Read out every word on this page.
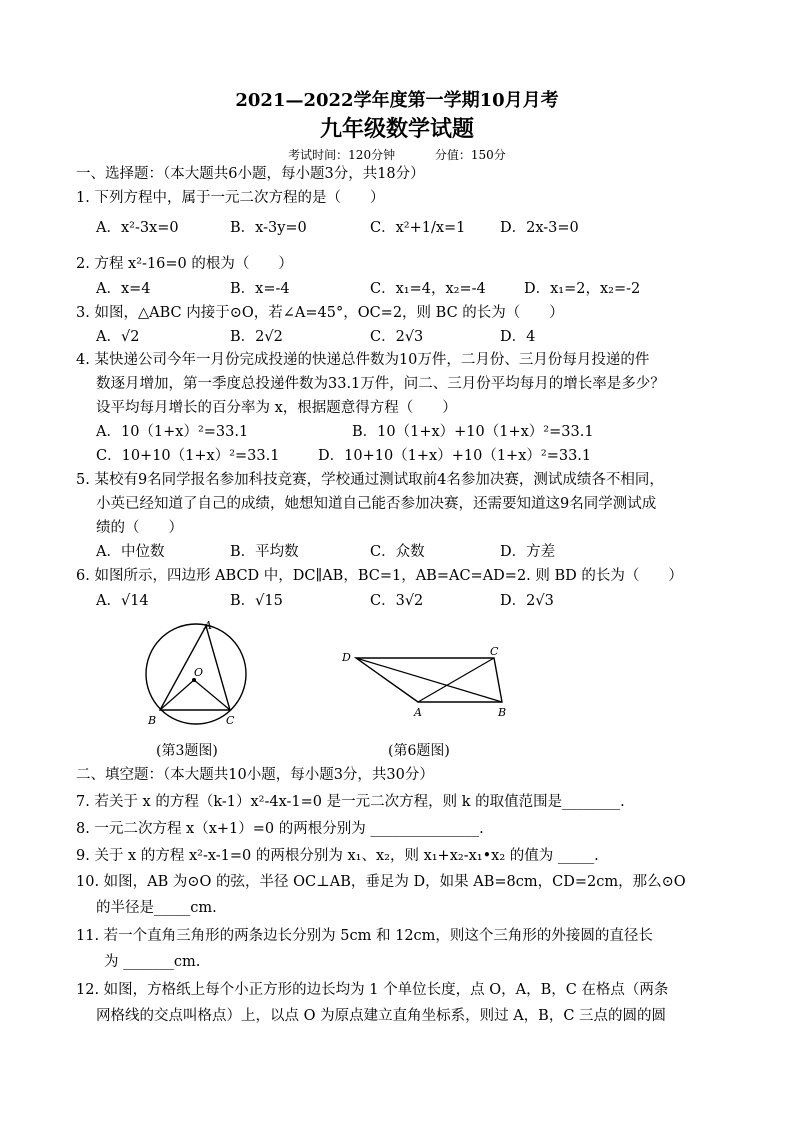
2021—2022学年度第一学期10月月考
九年级数学试题
考试时间：120分钟	分值：150分
一、选择题：（本大题共6小题，每小题3分，共18分）
1. 下列方程中，属于一元二次方程的是（　　）
A．x²-3x=0	B．x-3y=0	C．x²+1/x=1 D．2x-3=0
2. 方程 x²-16=0 的根为（　　）
A．x=4	B．x=-4	C．x₁=4，x₂=-4	D．x₁=2，x₂=-2
3. 如图，△ABC 内接于⊙O，若∠A=45°，OC=2，则 BC 的长为（　　）
A．√2	B．2√2	C．2√3	D．4
4. 某快递公司今年一月份完成投递的快递总件数为10万件，二月份、三月份每月投递的件
数逐月增加，第一季度总投递件数为33.1万件，问二、三月份平均每月的增长率是多少？
设平均每月增长的百分率为 x，根据题意得方程（　　）
A．10（1+x）²=33.1	B．10（1+x）+10（1+x）²=33.1
C．10+10（1+x）²=33.1	D．10+10（1+x）+10（1+x）²=33.1
5. 某校有9名同学报名参加科技竞赛，学校通过测试取前4名参加决赛，测试成绩各不相同，
小英已经知道了自己的成绩，她想知道自己能否参加决赛，还需要知道这9名同学测试成
绩的（　　）
A．中位数	B．平均数	C．众数	D．方差
6. 如图所示，四边形 ABCD 中，DC∥AB，BC=1，AB=AC=AD=2. 则 BD 的长为（　　）
A．√14	B．√15	C．3√2	D．2√3
A
O
B	C
(第3题图)
D	C
A	B
(第6题图)
二、填空题：（本大题共10小题，每小题3分，共30分）
7. 若关于 x 的方程（k-1）x²-4x-1=0 是一元二次方程，则 k 的取值范围是________.
8. 一元二次方程 x（x+1）=0 的两根分别为 _______________.
9. 关于 x 的方程 x²-x-1=0 的两根分别为 x₁、x₂，则 x₁+x₂-x₁•x₂ 的值为 _____.
10. 如图，AB 为⊙O 的弦，半径 OC⊥AB，垂足为 D，如果 AB=8cm，CD=2cm，那么⊙O
的半径是_____cm.
11. 若一个直角三角形的两条边长分别为 5cm 和 12cm，则这个三角形的外接圆的直径长
为 _______cm.
12. 如图，方格纸上每个小正方形的边长均为 1 个单位长度，点 O，A，B，C 在格点（两条
网格线的交点叫格点）上，以点 O 为原点建立直角坐标系，则过 A，B，C 三点的圆的圆
